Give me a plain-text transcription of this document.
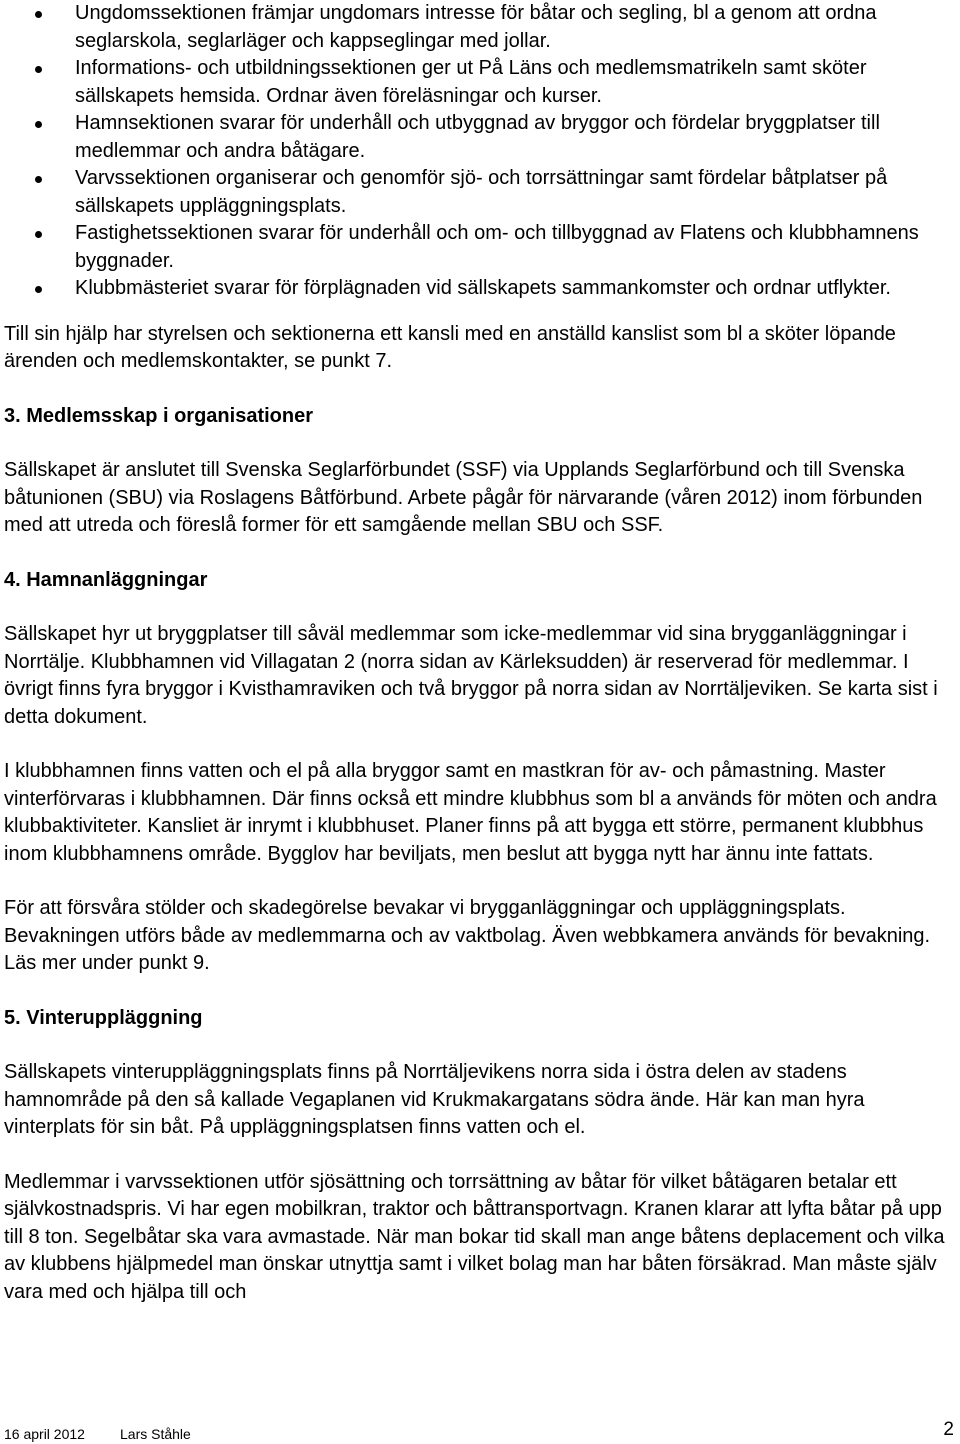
Ungdomssektionen främjar ungdomars intresse för båtar och segling, bl a genom att ordna seglarskola, seglarläger och kappseglingar med jollar.
Informations- och utbildningssektionen ger ut På Läns och medlemsmatrikeln samt sköter sällskapets hemsida. Ordnar även föreläsningar och kurser.
Hamnsektionen svarar för underhåll och utbyggnad av bryggor och fördelar bryggplatser till medlemmar och andra båtägare.
Varvssektionen organiserar och genomför sjö- och torrsättningar samt fördelar båtplatser på sällskapets uppläggningsplats.
Fastighetssektionen svarar för underhåll och om- och tillbyggnad av Flatens och klubbhamnens byggnader.
Klubbmästeriet svarar för förplägnaden vid sällskapets sammankomster och ordnar utflykter.

Till sin hjälp har styrelsen och sektionerna ett kansli med en anställd kanslist som bl a sköter löpande ärenden och medlemskontakter, se punkt 7.

3. Medlemsskap i organisationer

Sällskapet är anslutet till Svenska Seglarförbundet (SSF) via Upplands Seglarförbund och till Svenska båtunionen (SBU) via Roslagens Båtförbund. Arbete pågår för närvarande (våren 2012) inom förbunden med att utreda och föreslå former för ett samgående mellan SBU och SSF.

4. Hamnanläggningar

Sällskapet hyr ut bryggplatser till såväl medlemmar som icke-medlemmar vid sina brygganläggningar i Norrtälje. Klubbhamnen vid Villagatan 2 (norra sidan av Kärleksudden) är reserverad för medlemmar. I övrigt finns fyra bryggor i Kvisthamraviken och två bryggor på norra sidan av Norrtäljeviken. Se karta sist i detta dokument.

I klubbhamnen finns vatten och el på alla bryggor samt en mastkran för av- och påmastning. Master vinterförvaras i klubbhamnen. Där finns också ett mindre klubbhus som bl a används för möten och andra klubbaktiviteter. Kansliet är inrymt i klubbhuset. Planer finns på att bygga ett större, permanent klubbhus inom klubbhamnens område. Bygglov har beviljats, men beslut att bygga nytt har ännu inte fattats.

För att försvåra stölder och skadegörelse bevakar vi brygganläggningar och uppläggningsplats. Bevakningen utförs både av medlemmarna och av vaktbolag. Även webbkamera används för bevakning. Läs mer under punkt 9.

5. Vinteruppläggning

Sällskapets vinteruppläggningsplats finns på Norrtäljevikens norra sida i östra delen av stadens hamnområde på den så kallade Vegaplanen vid Krukmakargatans södra ände. Här kan man hyra vinterplats för sin båt. På uppläggningsplatsen finns vatten och el.

Medlemmar i varvssektionen utför sjösättning och torrsättning av båtar för vilket båtägaren betalar ett självkostnadspris. Vi har egen mobilkran, traktor och båttransportvagn. Kranen klarar att lyfta båtar på upp till 8 ton. Segelbåtar ska vara avmastade. När man bokar tid skall man ange båtens deplacement och vilka av klubbens hjälpmedel man önskar utnyttja samt i vilket bolag man har båten försäkrad. Man måste själv vara med och hjälpa till och

16 april 2012	Lars Ståhle	2
